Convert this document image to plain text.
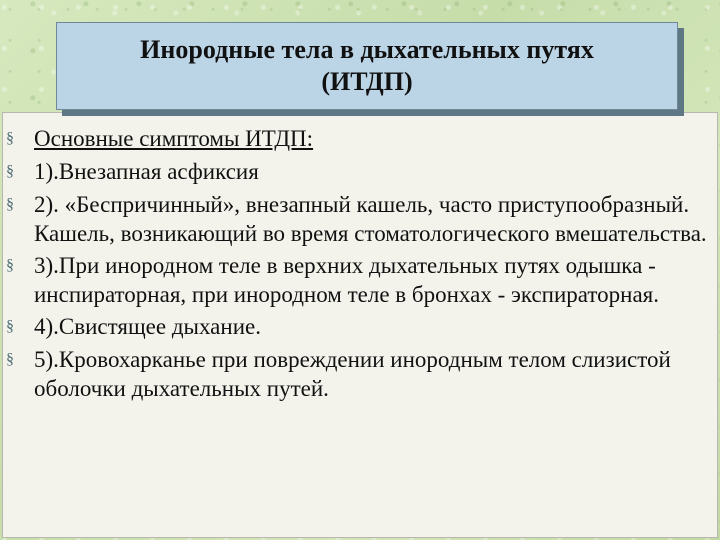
Инородные тела в дыхательных путях
(ИТДП)
§ Основные симптомы ИТДП:
§ 1).Внезапная асфиксия
§ 2). «Беспричинный», внезапный кашель, часто приступообразный. Кашель, возникающий во время стоматологического вмешательства.
§ 3).При инородном теле в верхних дыхательных путях одышка - инспираторная, при инородном теле в бронхах - экспираторная.
§ 4).Свистящее дыхание.
§ 5).Кровохарканье при повреждении инородным телом слизистой оболочки дыхательных путей.
